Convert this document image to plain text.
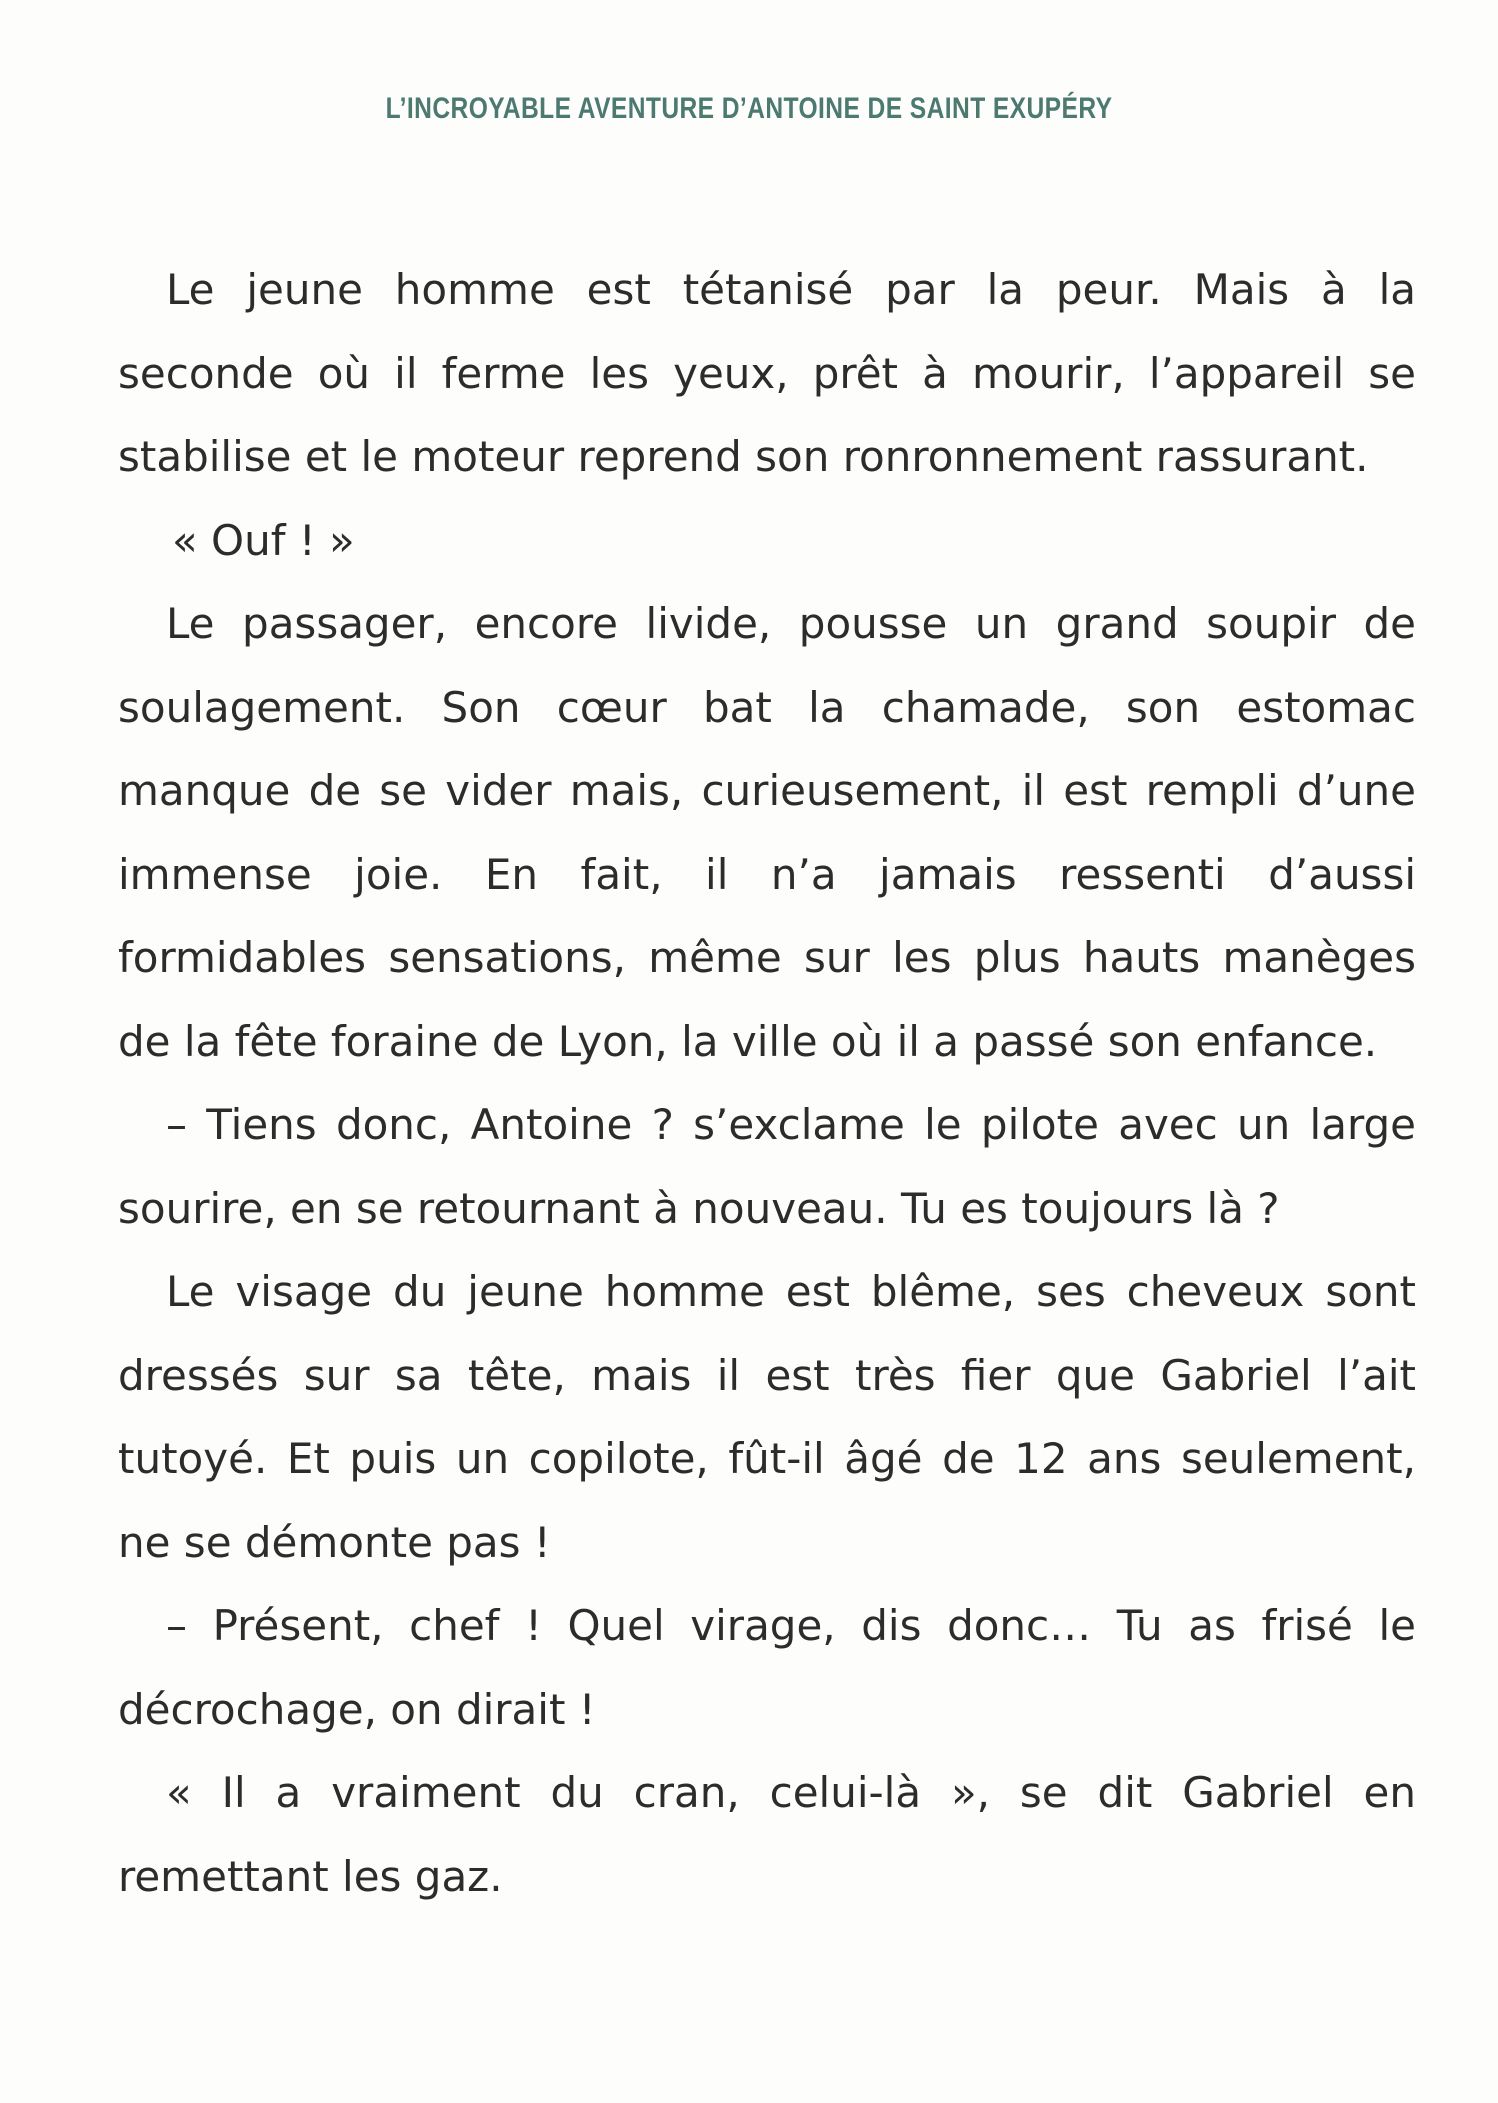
L’INCROYABLE AVENTURE D’ANTOINE DE SAINT EXUPÉRY

Le jeune homme est tétanisé par la peur. Mais à la seconde où il ferme les yeux, prêt à mourir, l’appareil se stabilise et le moteur reprend son ronronnement rassurant.

« Ouf ! »

Le passager, encore livide, pousse un grand soupir de soulagement. Son cœur bat la chamade, son estomac manque de se vider mais, curieusement, il est rempli d’une immense joie. En fait, il n’a jamais ressenti d’aussi formidables sensations, même sur les plus hauts manèges de la fête foraine de Lyon, la ville où il a passé son enfance.

– Tiens donc, Antoine ? s’exclame le pilote avec un large sourire, en se retournant à nouveau. Tu es toujours là ?

Le visage du jeune homme est blême, ses cheveux sont dressés sur sa tête, mais il est très fier que Gabriel l’ait tutoyé. Et puis un copilote, fût-il âgé de 12 ans seulement, ne se démonte pas !

– Présent, chef ! Quel virage, dis donc… Tu as frisé le décrochage, on dirait !

« Il a vraiment du cran, celui-là », se dit Gabriel en remettant les gaz.
